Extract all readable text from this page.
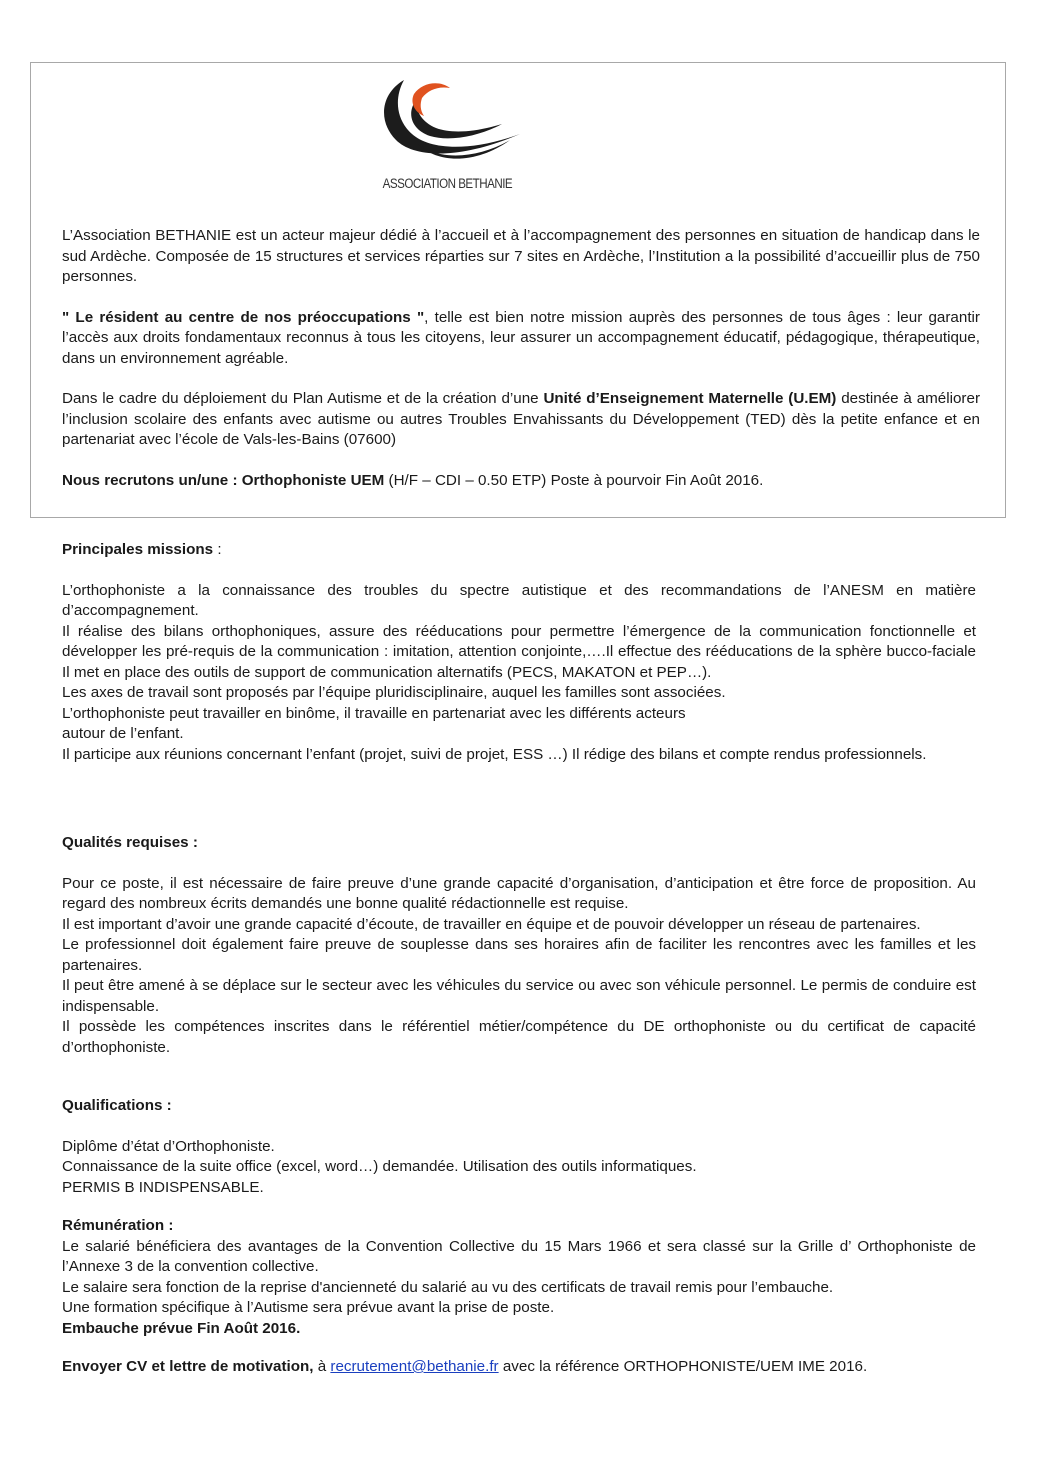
ASSOCIATION BETHANIE

L’Association BETHANIE est un acteur majeur dédié à l’accueil et à l’accompagnement des personnes en situation de handicap dans le sud Ardèche. Composée de 15 structures et services réparties sur 7 sites en Ardèche, l’Institution a la possibilité d’accueillir plus de 750 personnes.

" Le résident au centre de nos préoccupations ", telle est bien notre mission auprès des personnes de tous âges : leur garantir l’accès aux droits fondamentaux reconnus à tous les citoyens, leur assurer un accompagnement éducatif, pédagogique, thérapeutique, dans un environnement agréable.

Dans le cadre du déploiement du Plan Autisme et de la création d’une Unité d’Enseignement Maternelle (U.EM) destinée à améliorer l’inclusion scolaire des enfants avec autisme ou autres Troubles Envahissants du Développement (TED) dès la petite enfance et en partenariat avec l’école de Vals-les-Bains (07600)

Nous recrutons un/une : Orthophoniste UEM (H/F – CDI – 0.50 ETP) Poste à pourvoir Fin Août 2016.

Principales missions :

L’orthophoniste a la connaissance des troubles du spectre autistique et des recommandations de l’ANESM en matière d’accompagnement.

Il réalise des bilans orthophoniques, assure des rééducations pour permettre l’émergence de la communication fonctionnelle et développer les pré-requis de la communication : imitation, attention conjointe,….Il effectue des rééducations de la sphère bucco-faciale Il met en place des outils de support de communication alternatifs (PECS, MAKATON et PEP…).

Les axes de travail sont proposés par l’équipe pluridisciplinaire, auquel les familles sont associées.

L’orthophoniste peut travailler en binôme, il travaille en partenariat avec les différents acteurs

autour de l’enfant.

Il participe aux réunions concernant l’enfant (projet, suivi de projet, ESS …) Il rédige des bilans et compte rendus professionnels.

Qualités requises :

Pour ce poste, il est nécessaire de faire preuve d’une grande capacité d’organisation, d’anticipation et être force de proposition. Au regard des nombreux écrits demandés une bonne qualité rédactionnelle est requise.

Il est important d’avoir une grande capacité d’écoute, de travailler en équipe et de pouvoir développer un réseau de partenaires.

Le professionnel doit également faire preuve de souplesse dans ses horaires afin de faciliter les rencontres avec les familles et les partenaires.

Il peut être amené à se déplace sur le secteur avec les véhicules du service ou avec son véhicule personnel. Le permis de conduire est indispensable.

Il possède les compétences inscrites dans le référentiel métier/compétence du DE orthophoniste ou du certificat de capacité d’orthophoniste.

Qualifications :

Diplôme d’état d’Orthophoniste.

Connaissance de la suite office (excel, word…) demandée. Utilisation des outils informatiques.

PERMIS B INDISPENSABLE.

Rémunération :

Le salarié bénéficiera des avantages de la Convention Collective du 15 Mars 1966 et sera classé sur la Grille d’ Orthophoniste de l’Annexe 3 de la convention collective.

Le salaire sera fonction de la reprise d'ancienneté du salarié au vu des certificats de travail remis pour l’embauche.

Une formation spécifique à l’Autisme sera prévue avant la prise de poste.

Embauche prévue Fin Août 2016.

Envoyer CV et lettre de motivation, à recrutement@bethanie.fr avec la référence ORTHOPHONISTE/UEM IME 2016.
